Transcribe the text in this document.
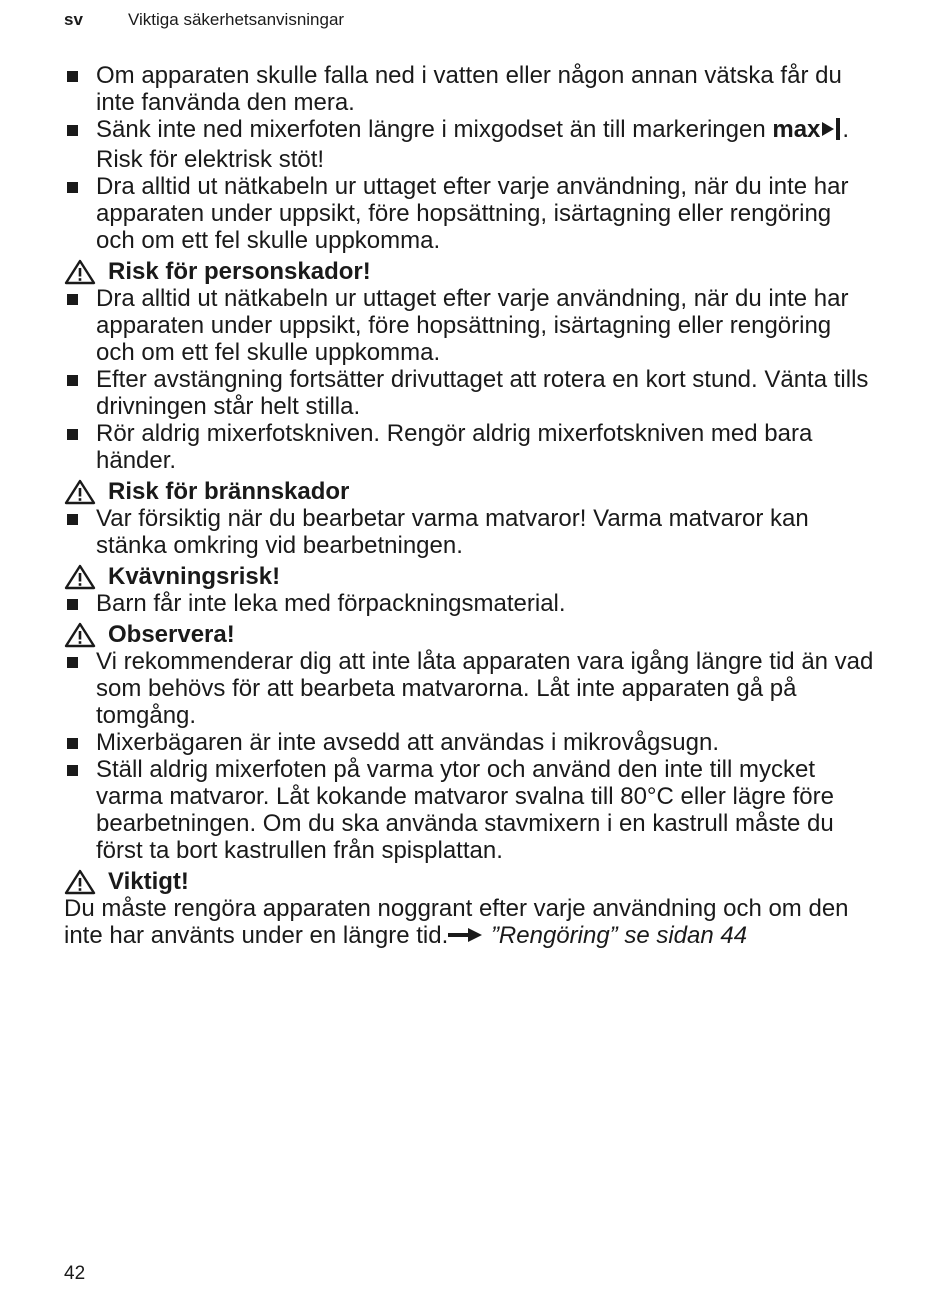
sv	Viktiga säkerhetsanvisningar
Om apparaten skulle falla ned i vatten eller någon annan vätska får du inte fanvända den mera.
Sänk inte ned mixerfoten längre i mixgodset än till markeringen max . Risk för elektrisk stöt!
Dra alltid ut nätkabeln ur uttaget efter varje användning, när du inte har apparaten under uppsikt, före hopsättning, isärtagning eller rengöring och om ett fel skulle uppkomma.
Risk för personskador!
Dra alltid ut nätkabeln ur uttaget efter varje användning, när du inte har apparaten under uppsikt, före hopsättning, isärtagning eller rengöring och om ett fel skulle uppkomma.
Efter avstängning fortsätter drivuttaget att rotera en kort stund. Vänta tills drivningen står helt stilla.
Rör aldrig mixerfotskniven. Rengör aldrig mixerfotskniven med bara händer.
Risk för brännskador
Var försiktig när du bearbetar varma matvaror! Varma matvaror kan stänka omkring vid bearbetningen.
Kvävningsrisk!
Barn får inte leka med förpackningsmaterial.
Observera!
Vi rekommenderar dig att inte låta apparaten vara igång längre tid än vad som behövs för att bearbeta matvarorna. Låt inte apparaten gå på tomgång.
Mixerbägaren är inte avsedd att användas i mikrovågsugn.
Ställ aldrig mixerfoten på varma ytor och använd den inte till mycket varma matvaror. Låt kokande matvaror svalna till 80°C eller lägre före bearbetningen. Om du ska använda stavmixern i en kastrull måste du först ta bort kastrullen från spisplattan.
Viktigt!
Du måste rengöra apparaten noggrant efter varje användning och om den inte har använts under en längre tid. ”Rengöring” se sidan 44
42
